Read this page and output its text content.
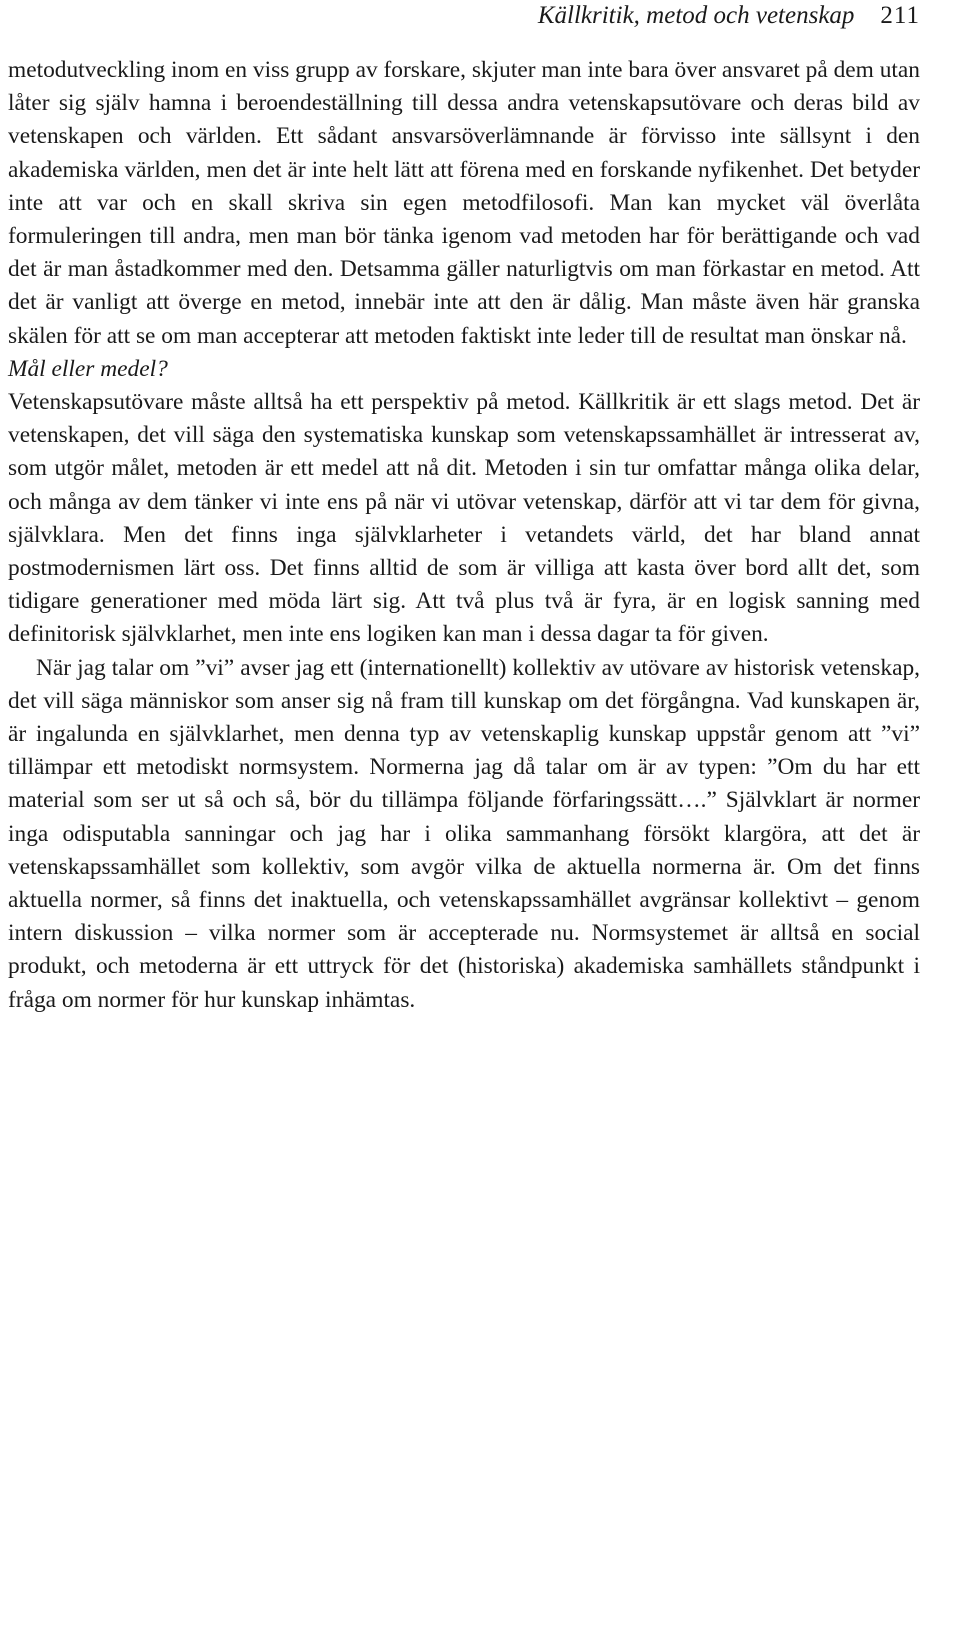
Källkritik, metod och vetenskap 211

metodutveckling inom en viss grupp av forskare, skjuter man inte bara över ansvaret på dem utan låter sig själv hamna i beroendeställning till dessa andra vetenskapsutövare och deras bild av vetenskapen och världen. Ett sådant ansvarsöverlämnande är förvisso inte sällsynt i den akademiska världen, men det är inte helt lätt att förena med en forskande nyfikenhet. Det betyder inte att var och en skall skriva sin egen metodfilosofi. Man kan mycket väl överlåta formuleringen till andra, men man bör tänka igenom vad metoden har för berättigande och vad det är man åstadkommer med den. Detsamma gäller naturligtvis om man förkastar en metod. Att det är vanligt att överge en metod, innebär inte att den är dålig. Man måste även här granska skälen för att se om man accepterar att metoden faktiskt inte leder till de resultat man önskar nå.

Mål eller medel?

Vetenskapsutövare måste alltså ha ett perspektiv på metod. Källkritik är ett slags metod. Det är vetenskapen, det vill säga den systematiska kunskap som vetenskapssamhället är intresserat av, som utgör målet, metoden är ett medel att nå dit. Metoden i sin tur omfattar många olika delar, och många av dem tänker vi inte ens på när vi utövar vetenskap, därför att vi tar dem för givna, självklara. Men det finns inga självklarheter i vetandets värld, det har bland annat postmodernismen lärt oss. Det finns alltid de som är villiga att kasta över bord allt det, som tidigare generationer med möda lärt sig. Att två plus två är fyra, är en logisk sanning med definitorisk självklarhet, men inte ens logiken kan man i dessa dagar ta för given.

När jag talar om ”vi” avser jag ett (internationellt) kollektiv av utövare av historisk vetenskap, det vill säga människor som anser sig nå fram till kunskap om det förgångna. Vad kunskapen är, är ingalunda en självklarhet, men denna typ av vetenskaplig kunskap uppstår genom att ”vi” tillämpar ett metodiskt normsystem. Normerna jag då talar om är av typen: ”Om du har ett material som ser ut så och så, bör du tillämpa följande förfaringssätt….” Självklart är normer inga odisputabla sanningar och jag har i olika sammanhang försökt klargöra, att det är vetenskapssamhället som kollektiv, som avgör vilka de aktuella normerna är. Om det finns aktuella normer, så finns det inaktuella, och vetenskapssamhället avgränsar kollektivt – genom intern diskussion – vilka normer som är accepterade nu. Normsystemet är alltså en social produkt, och metoderna är ett uttryck för det (historiska) akademiska samhällets ståndpunkt i fråga om normer för hur kunskap inhämtas.
